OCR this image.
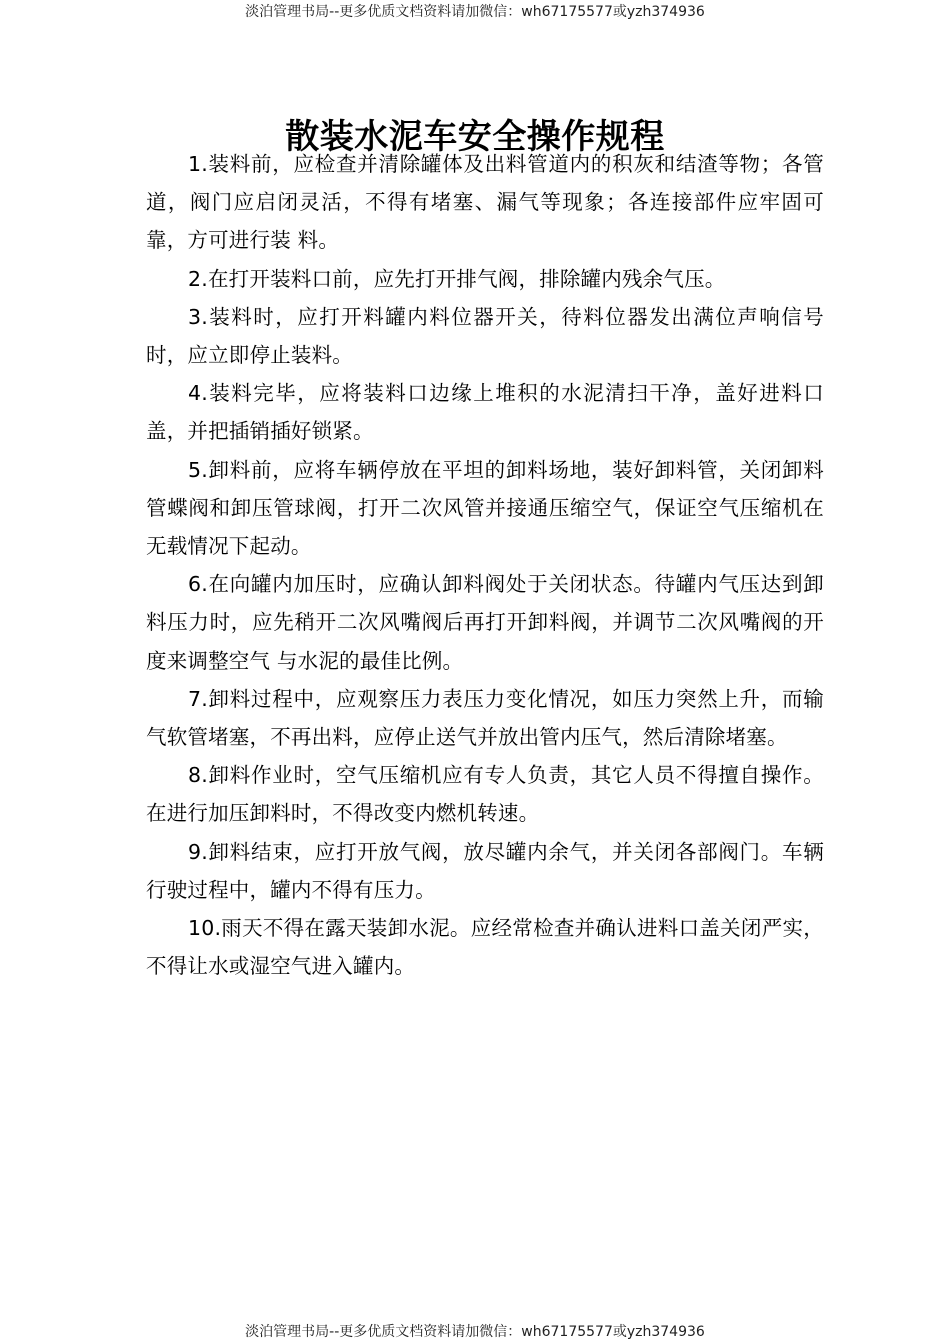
淡泊管理书局--更多优质文档资料请加微信：wh67175577或yzh374936
散装水泥车安全操作规程

1.装料前，应检查并清除罐体及出料管道内的积灰和结渣等物；各管道，阀门应启闭灵活，不得有堵塞、漏气等现象；各连接部件应牢固可靠，方可进行装 料。

2.在打开装料口前，应先打开排气阀，排除罐内残余气压。

3.装料时，应打开料罐内料位器开关，待料位器发出满位声响信号时，应立即停止装料。

4.装料完毕，应将装料口边缘上堆积的水泥清扫干净，盖好进料口盖，并把插销插好锁紧。

5.卸料前，应将车辆停放在平坦的卸料场地，装好卸料管，关闭卸料管蝶阀和卸压管球阀，打开二次风管并接通压缩空气，保证空气压缩机在无载情况下起动。

6.在向罐内加压时，应确认卸料阀处于关闭状态。待罐内气压达到卸料压力时，应先稍开二次风嘴阀后再打开卸料阀，并调节二次风嘴阀的开度来调整空气 与水泥的最佳比例。

7.卸料过程中，应观察压力表压力变化情况，如压力突然上升，而输气软管堵塞，不再出料，应停止送气并放出管内压气，然后清除堵塞。

8.卸料作业时，空气压缩机应有专人负责，其它人员不得擅自操作。在进行加压卸料时，不得改变内燃机转速。

9.卸料结束，应打开放气阀，放尽罐内余气，并关闭各部阀门。车辆行驶过程中，罐内不得有压力。

10.雨天不得在露天装卸水泥。应经常检查并确认进料口盖关闭严实，不得让水或湿空气进入罐内。

淡泊管理书局--更多优质文档资料请加微信：wh67175577或yzh374936
